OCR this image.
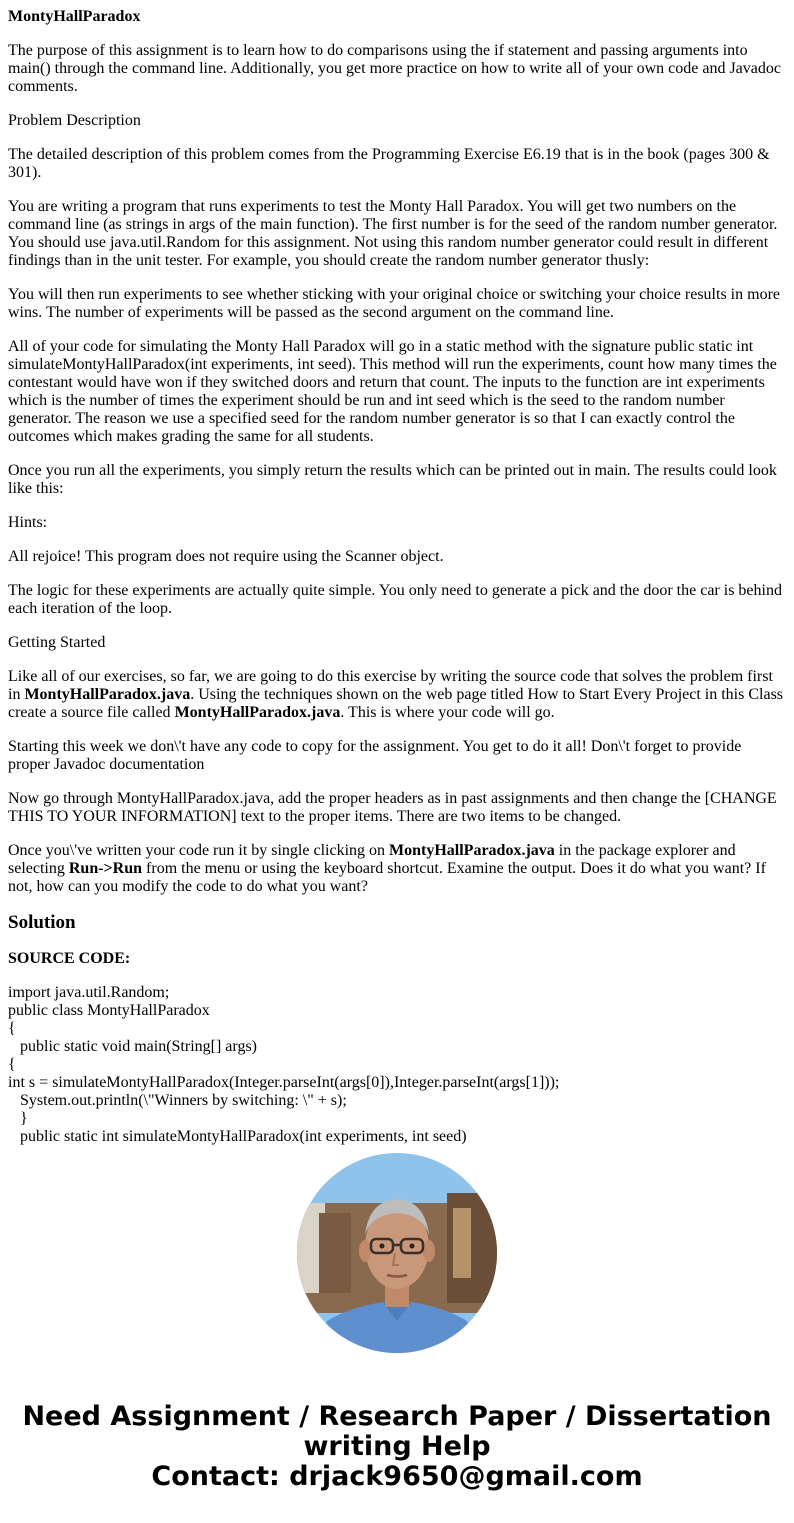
MontyHallParadox

The purpose of this assignment is to learn how to do comparisons using the if statement and passing arguments into main() through the command line. Additionally, you get more practice on how to write all of your own code and Javadoc comments.

Problem Description

The detailed description of this problem comes from the Programming Exercise E6.19 that is in the book (pages 300 & 301).

You are writing a program that runs experiments to test the Monty Hall Paradox. You will get two numbers on the command line (as strings in args of the main function). The first number is for the seed of the random number generator. You should use java.util.Random for this assignment. Not using this random number generator could result in different findings than in the unit tester. For example, you should create the random number generator thusly:

You will then run experiments to see whether sticking with your original choice or switching your choice results in more wins. The number of experiments will be passed as the second argument on the command line.

All of your code for simulating the Monty Hall Paradox will go in a static method with the signature public static int simulateMontyHallParadox(int experiments, int seed). This method will run the experiments, count how many times the contestant would have won if they switched doors and return that count. The inputs to the function are int experiments which is the number of times the experiment should be run and int seed which is the seed to the random number generator. The reason we use a specified seed for the random number generator is so that I can exactly control the outcomes which makes grading the same for all students.

Once you run all the experiments, you simply return the results which can be printed out in main. The results could look like this:

Hints:

All rejoice! This program does not require using the Scanner object.

The logic for these experiments are actually quite simple. You only need to generate a pick and the door the car is behind each iteration of the loop.

Getting Started

Like all of our exercises, so far, we are going to do this exercise by writing the source code that solves the problem first in MontyHallParadox.java. Using the techniques shown on the web page titled How to Start Every Project in this Class create a source file called MontyHallParadox.java. This is where your code will go.

Starting this week we don\'t have any code to copy for the assignment. You get to do it all! Don\'t forget to provide proper Javadoc documentation

Now go through MontyHallParadox.java, add the proper headers as in past assignments and then change the [CHANGE THIS TO YOUR INFORMATION] text to the proper items. There are two items to be changed.

Once you\'ve written your code run it by single clicking on MontyHallParadox.java in the package explorer and selecting Run->Run from the menu or using the keyboard shortcut. Examine the output. Does it do what you want? If not, how can you modify the code to do what you want?

Solution

SOURCE CODE:

import java.util.Random;
public class MontyHallParadox
{
public static void main(String[] args)
{
int s = simulateMontyHallParadox(Integer.parseInt(args[0]),Integer.parseInt(args[1]));
System.out.println(\"Winners by switching: \" + s);
}
public static int simulateMontyHallParadox(int experiments, int seed)
Need Assignment / Research Paper / Dissertation
writing Help
Contact: drjack9650@gmail.com
